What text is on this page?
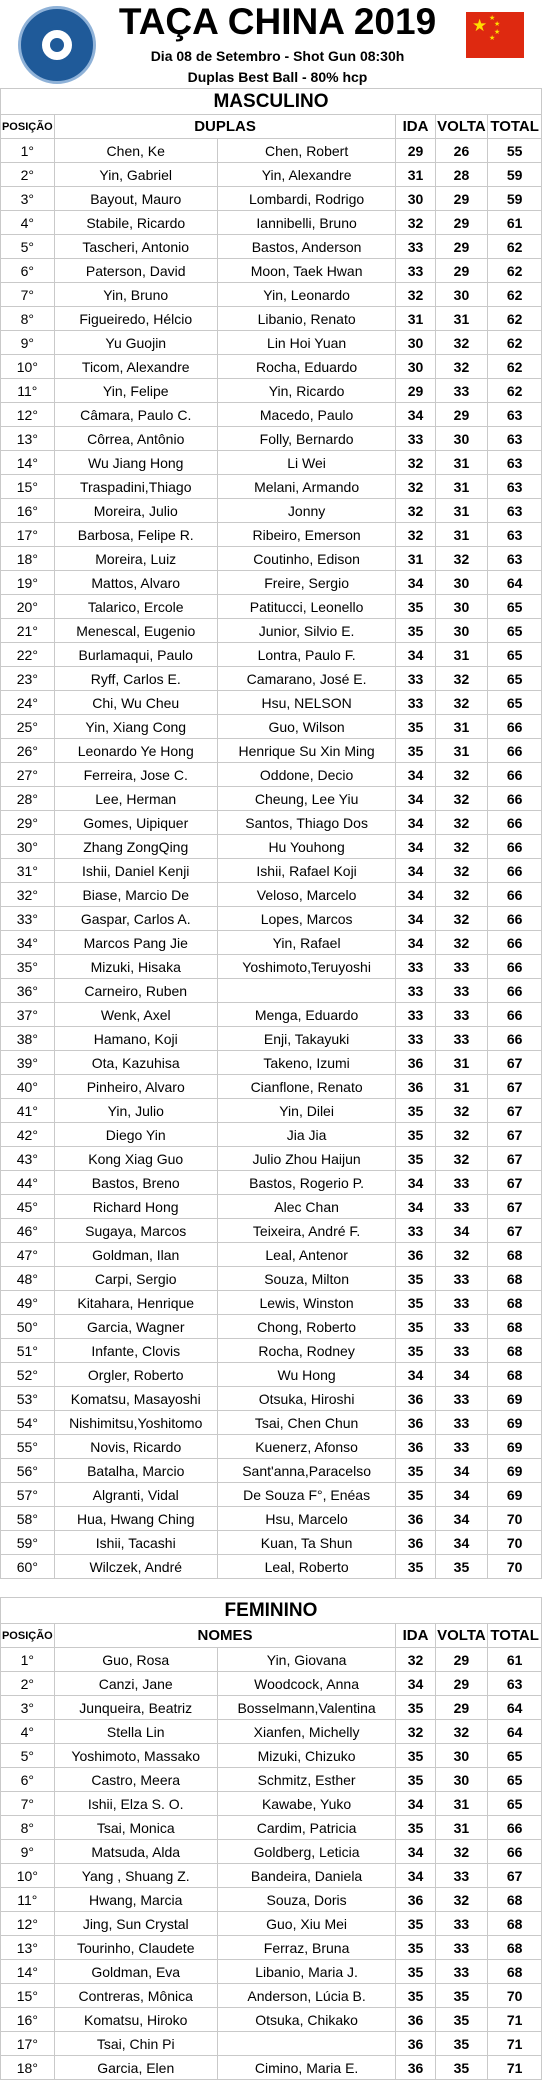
TAÇA CHINA 2019
Dia 08 de Setembro - Shot Gun 08:30h
Duplas Best Ball - 80% hcp
★ ★
★
★
★
MASCULINO					
POSIÇÃO	DUPLAS		IDA	VOLTA	TOTAL
1°	Chen, Ke	Chen, Robert	29	26	55
2°	Yin, Gabriel	Yin, Alexandre	31	28	59
3°	Bayout, Mauro	Lombardi, Rodrigo	30	29	59
4°	Stabile, Ricardo	Iannibelli, Bruno	32	29	61
5°	Tascheri, Antonio	Bastos, Anderson	33	29	62
6°	Paterson, David	Moon, Taek Hwan	33	29	62
7°	Yin, Bruno	Yin, Leonardo	32	30	62
8°	Figueiredo, Hélcio	Libanio, Renato	31	31	62
9°	Yu Guojin	Lin Hoi Yuan	30	32	62
10°	Ticom, Alexandre	Rocha, Eduardo	30	32	62
11°	Yin, Felipe	Yin, Ricardo	29	33	62
12°	Câmara, Paulo C.	Macedo, Paulo	34	29	63
13°	Côrrea, Antônio	Folly, Bernardo	33	30	63
14°	Wu Jiang Hong	Li Wei	32	31	63
15°	Traspadini,Thiago	Melani, Armando	32	31	63
16°	Moreira, Julio	Jonny	32	31	63
17°	Barbosa, Felipe R.	Ribeiro, Emerson	32	31	63
18°	Moreira, Luiz	Coutinho, Edison	31	32	63
19°	Mattos, Alvaro	Freire, Sergio	34	30	64
20°	Talarico, Ercole	Patitucci, Leonello	35	30	65
21°	Menescal, Eugenio	Junior, Silvio E.	35	30	65
22°	Burlamaqui, Paulo	Lontra, Paulo F.	34	31	65
23°	Ryff, Carlos E.	Camarano, José E.	33	32	65
24°	Chi, Wu Cheu	Hsu, NELSON	33	32	65
25°	Yin, Xiang Cong	Guo, Wilson	35	31	66
26°	Leonardo Ye Hong	Henrique Su Xin Ming	35	31	66
27°	Ferreira, Jose C.	Oddone, Decio	34	32	66
28°	Lee, Herman	Cheung, Lee Yiu	34	32	66
29°	Gomes, Uipiquer	Santos, Thiago Dos	34	32	66
30°	Zhang ZongQing	Hu Youhong	34	32	66
31°	Ishii, Daniel Kenji	Ishii, Rafael Koji	34	32	66
32°	Biase, Marcio De	Veloso, Marcelo	34	32	66
33°	Gaspar, Carlos A.	Lopes, Marcos	34	32	66
34°	Marcos Pang Jie	Yin, Rafael	34	32	66
35°	Mizuki, Hisaka	Yoshimoto,Teruyoshi	33	33	66
36°	Carneiro, Ruben		33	33	66
37°	Wenk, Axel	Menga, Eduardo	33	33	66
38°	Hamano, Koji	Enji, Takayuki	33	33	66
39°	Ota, Kazuhisa	Takeno, Izumi	36	31	67
40°	Pinheiro, Alvaro	Cianflone, Renato	36	31	67
41°	Yin, Julio	Yin, Dilei	35	32	67
42°	Diego Yin	Jia Jia	35	32	67
43°	Kong Xiag Guo	Julio Zhou Haijun	35	32	67
44°	Bastos, Breno	Bastos, Rogerio P.	34	33	67
45°	Richard Hong	Alec Chan	34	33	67
46°	Sugaya, Marcos	Teixeira, André F.	33	34	67
47°	Goldman, Ilan	Leal, Antenor	36	32	68
48°	Carpi, Sergio	Souza, Milton	35	33	68
49°	Kitahara, Henrique	Lewis, Winston	35	33	68
50°	Garcia, Wagner	Chong, Roberto	35	33	68
51°	Infante, Clovis	Rocha, Rodney	35	33	68
52°	Orgler, Roberto	Wu Hong	34	34	68
53°	Komatsu, Masayoshi	Otsuka, Hiroshi	36	33	69
54°	Nishimitsu,Yoshitomo	Tsai, Chen Chun	36	33	69
55°	Novis, Ricardo	Kuenerz, Afonso	36	33	69
56°	Batalha, Marcio	Sant'anna,Paracelso	35	34	69
57°	Algranti, Vidal	De Souza F°, Enéas	35	34	69
58°	Hua, Hwang Ching	Hsu, Marcelo	36	34	70
59°	Ishii, Tacashi	Kuan, Ta Shun	36	34	70
60°	Wilczek, André	Leal, Roberto	35	35	70
FEMININO					
POSIÇÃO	NOMES		IDA	VOLTA	TOTAL
1°	Guo, Rosa	Yin, Giovana	32	29	61
2°	Canzi, Jane	Woodcock, Anna	34	29	63
3°	Junqueira, Beatriz	Bosselmann,Valentina	35	29	64
4°	Stella Lin	Xianfen, Michelly	32	32	64
5°	Yoshimoto, Massako	Mizuki, Chizuko	35	30	65
6°	Castro, Meera	Schmitz, Esther	35	30	65
7°	Ishii, Elza S. O.	Kawabe, Yuko	34	31	65
8°	Tsai, Monica	Cardim, Patricia	35	31	66
9°	Matsuda, Alda	Goldberg, Leticia	34	32	66
10°	Yang , Shuang Z.	Bandeira, Daniela	34	33	67
11°	Hwang, Marcia	Souza, Doris	36	32	68
12°	Jing, Sun Crystal	Guo, Xiu Mei	35	33	68
13°	Tourinho, Claudete	Ferraz, Bruna	35	33	68
14°	Goldman, Eva	Libanio, Maria J.	35	33	68
15°	Contreras, Mônica	Anderson, Lúcia B.	35	35	70
16°	Komatsu, Hiroko	Otsuka, Chikako	36	35	71
17°	Tsai, Chin Pi		36	35	71
18°	Garcia, Elen	Cimino, Maria E.	36	35	71
